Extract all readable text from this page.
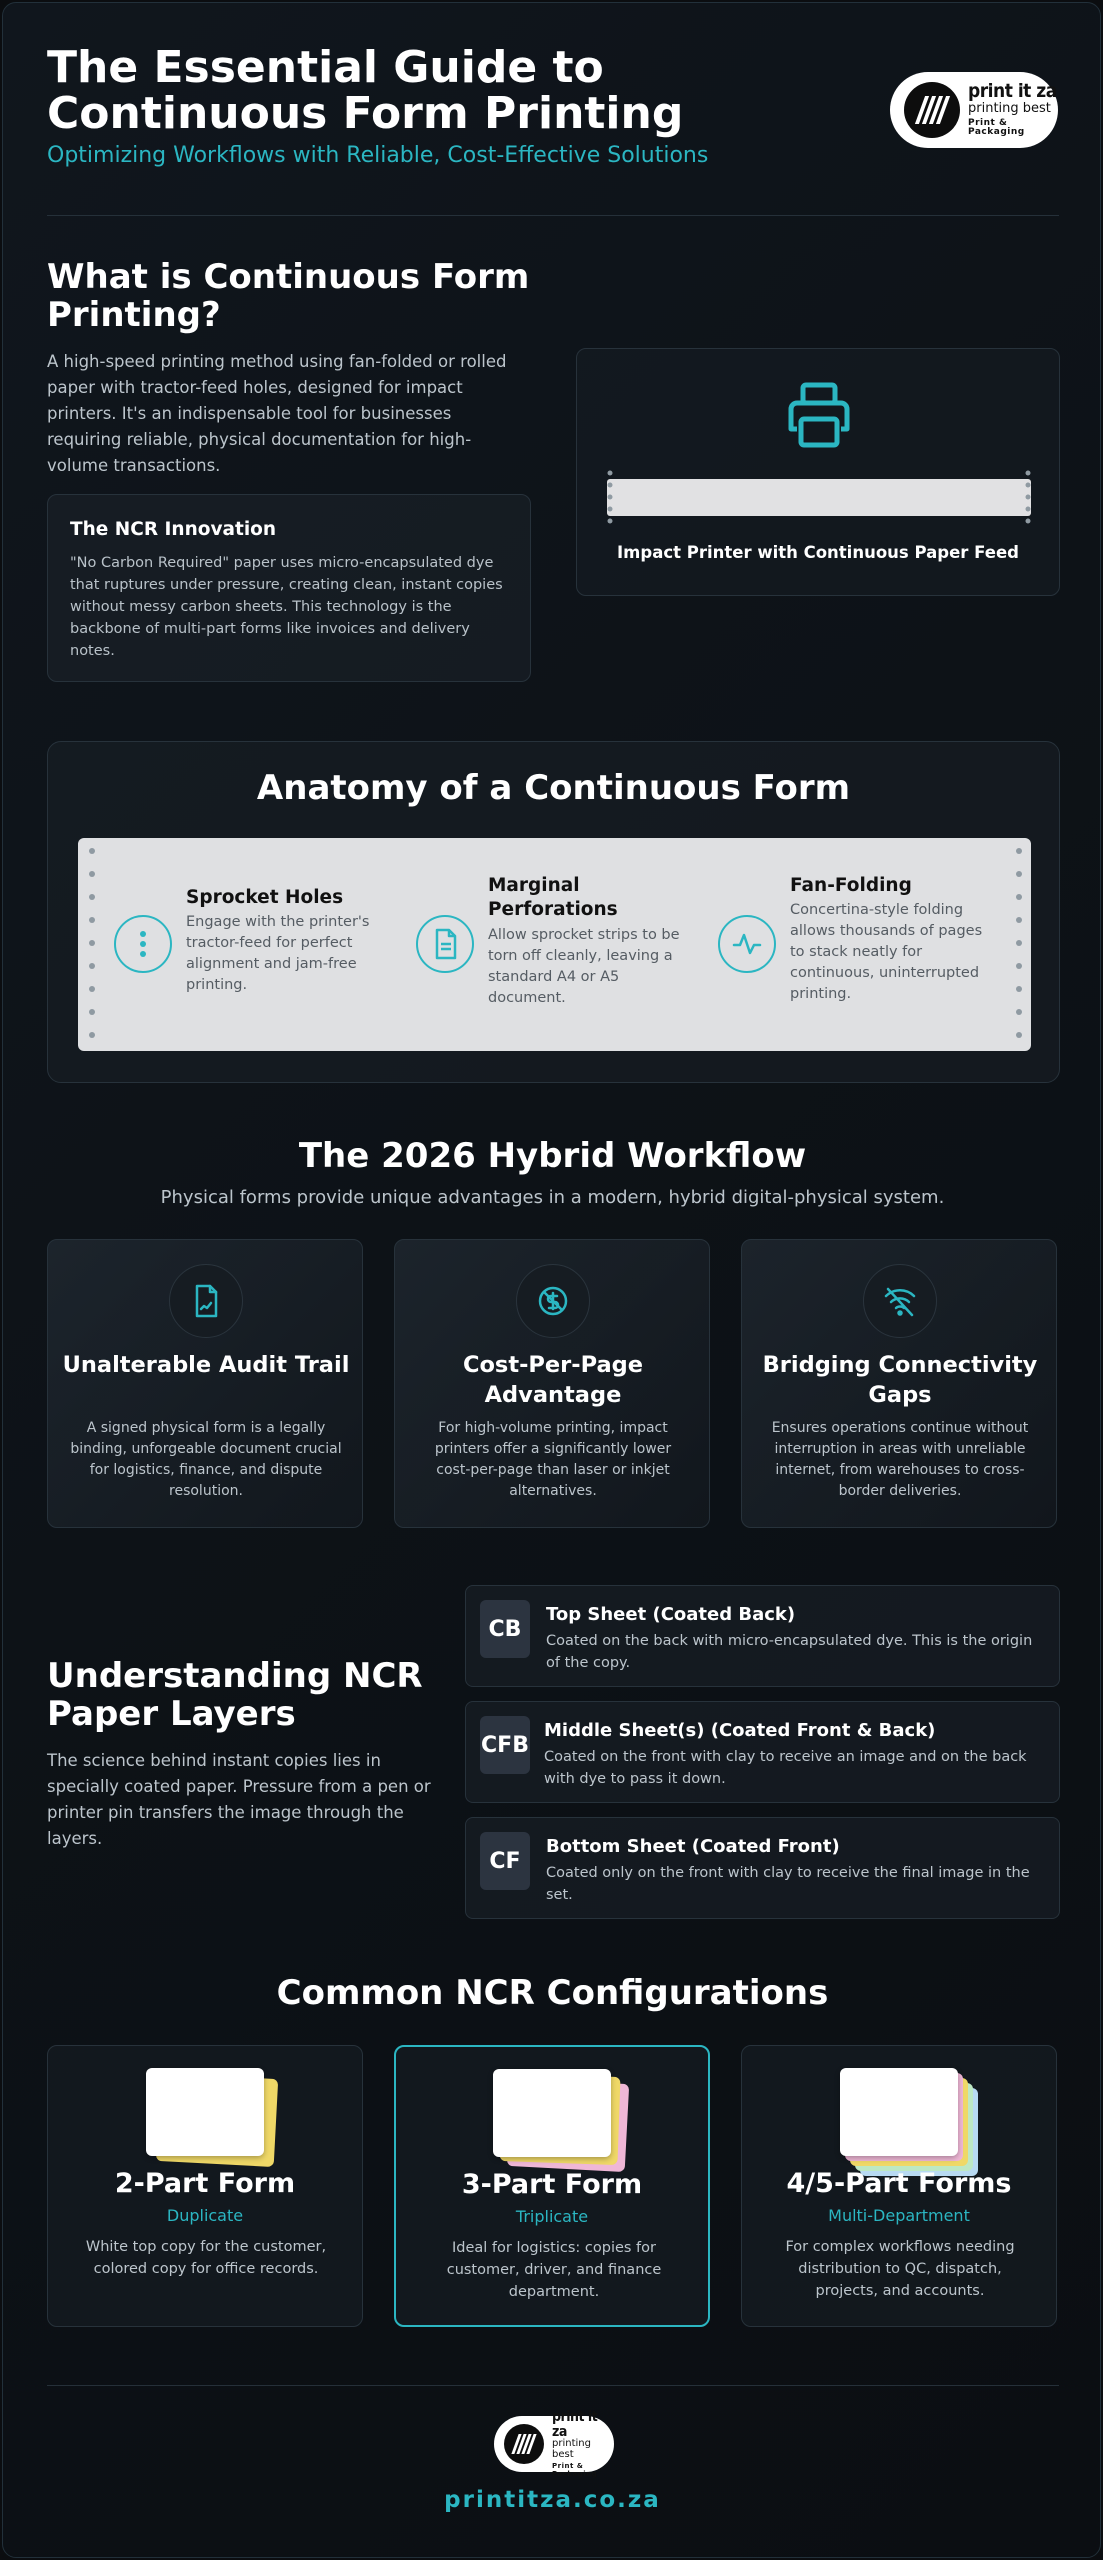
The Essential Guide to Continuous Form Printing
Optimizing Workflows with Reliable, Cost-Effective Solutions
print it za
printing best
Print & Packaging
What is Continuous Form Printing?
A high-speed printing method using fan-folded or rolled paper with tractor-feed holes, designed for impact printers. It's an indispensable tool for businesses requiring reliable, physical documentation for high-volume transactions.
The NCR Innovation

"No Carbon Required" paper uses micro-encapsulated dye that ruptures under pressure, creating clean, instant copies without messy carbon sheets. This technology is the backbone of multi-part forms like invoices and delivery notes.

Impact Printer with Continuous Paper Feed
Anatomy of a Continuous Form
Sprocket Holes
Engage with the printer's tractor-feed for perfect alignment and jam-free printing.
Marginal Perforations
Allow sprocket strips to be torn off cleanly, leaving a standard A4 or A5 document.
Fan-Folding
Concertina-style folding allows thousands of pages to stack neatly for continuous, uninterrupted printing.
The 2026 Hybrid Workflow
Physical forms provide unique advantages in a modern, hybrid digital-physical system.
Unalterable Audit Trail
A signed physical form is a legally binding, unforgeable document crucial for logistics, finance, and dispute resolution.
Cost-Per-Page Advantage
For high-volume printing, impact printers offer a significantly lower cost-per-page than laser or inkjet alternatives.
Bridging Connectivity Gaps
Ensures operations continue without interruption in areas with unreliable internet, from warehouses to cross-border deliveries.
Understanding NCR Paper Layers
The science behind instant copies lies in specially coated paper. Pressure from a pen or printer pin transfers the image through the layers.
CB
Top Sheet (Coated Back)
Coated on the back with micro-encapsulated dye. This is the origin of the copy.
CFB
Middle Sheet(s) (Coated Front & Back)
Coated on the front with clay to receive an image and on the back with dye to pass it down.
CF
Bottom Sheet (Coated Front)
Coated only on the front with clay to receive the final image in the set.
Common NCR Configurations
2-Part Form
Duplicate
White top copy for the customer, colored copy for office records.
3-Part Form
Triplicate
Ideal for logistics: copies for customer, driver, and finance department.
4/5-Part Forms
Multi-Department
For complex workflows needing distribution to QC, dispatch, projects, and accounts.
print it za
printing best
Print & Packaging
printitza.co.za
